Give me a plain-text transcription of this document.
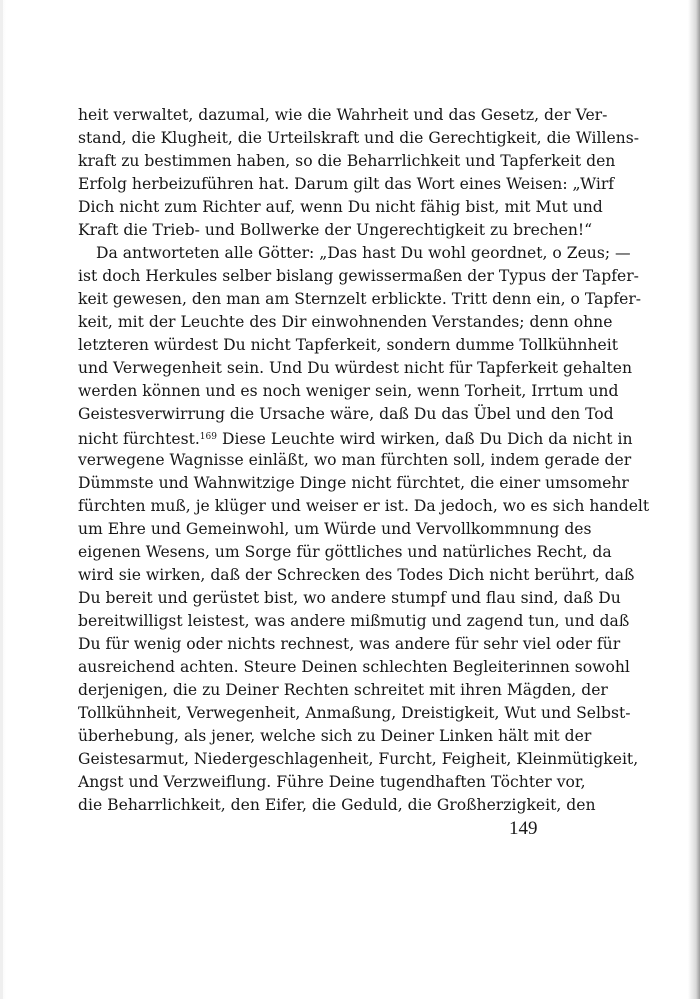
heit verwaltet, dazumal, wie die Wahrheit und das Gesetz, der Ver-

stand, die Klugheit, die Urteilskraft und die Gerechtigkeit, die Willens-

kraft zu bestimmen haben, so die Beharrlichkeit und Tapferkeit den

Erfolg herbeizuführen hat. Darum gilt das Wort eines Weisen: „Wirf

Dich nicht zum Richter auf, wenn Du nicht fähig bist, mit Mut und

Kraft die Trieb- und Bollwerke der Ungerechtigkeit zu brechen!“

Da antworteten alle Götter: „Das hast Du wohl geordnet, o Zeus; —

ist doch Herkules selber bislang gewissermaßen der Typus der Tapfer-

keit gewesen, den man am Sternzelt erblickte. Tritt denn ein, o Tapfer-

keit, mit der Leuchte des Dir einwohnenden Verstandes; denn ohne

letzteren würdest Du nicht Tapferkeit, sondern dumme Tollkühnheit

und Verwegenheit sein. Und Du würdest nicht für Tapferkeit gehalten

werden können und es noch weniger sein, wenn Torheit, Irrtum und

Geistesverwirrung die Ursache wäre, daß Du das Übel und den Tod

nicht fürchtest.$^{169}$ Diese Leuchte wird wirken, daß Du Dich da nicht in

verwegene Wagnisse einläßt, wo man fürchten soll, indem gerade der

Dümmste und Wahnwitzige Dinge nicht fürchtet, die einer umsomehr

fürchten muß, je klüger und weiser er ist. Da jedoch, wo es sich handelt

um Ehre und Gemeinwohl, um Würde und Vervollkommnung des

eigenen Wesens, um Sorge für göttliches und natürliches Recht, da

wird sie wirken, daß der Schrecken des Todes Dich nicht berührt, daß

Du bereit und gerüstet bist, wo andere stumpf und flau sind, daß Du

bereitwilligst leistest, was andere mißmutig und zagend tun, und daß

Du für wenig oder nichts rechnest, was andere für sehr viel oder für

ausreichend achten. Steure Deinen schlechten Begleiterinnen sowohl

derjenigen, die zu Deiner Rechten schreitet mit ihren Mägden, der

Tollkühnheit, Verwegenheit, Anmaßung, Dreistigkeit, Wut und Selbst-

überhebung, als jener, welche sich zu Deiner Linken hält mit der

Geistesarmut, Niedergeschlagenheit, Furcht, Feigheit, Kleinmütigkeit,

Angst und Verzweiflung. Führe Deine tugendhaften Töchter vor,

die Beharrlichkeit, den Eifer, die Geduld, die Großherzigkeit, den

149
